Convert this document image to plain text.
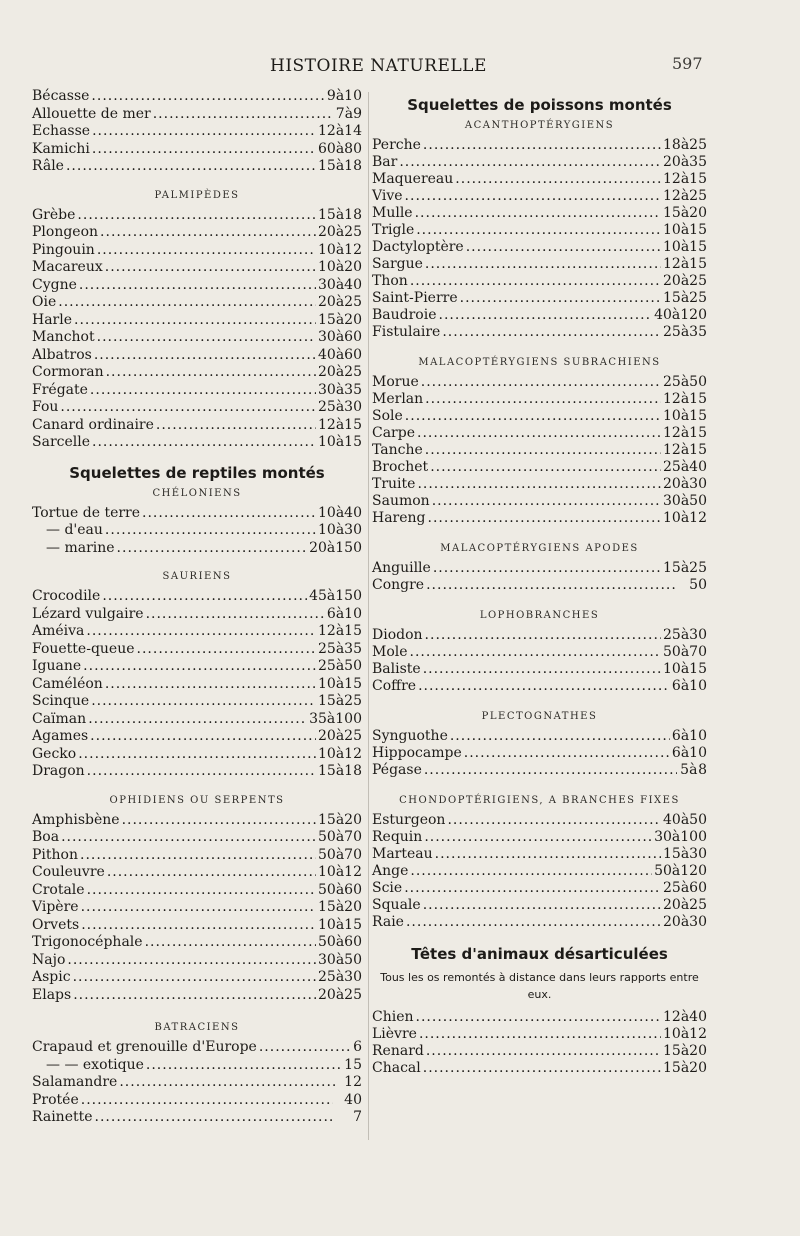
HISTOIRE NATURELLE	597
Bécasse .....	9 à 10
Allouette de mer .....	7 à 9
Echasse .....	12 à 14
Kamichi .....	60 à 80
Râle .....	15 à 18
PALMIPÈDES
Grèbe .....	15 à 18
Plongeon .....	20 à 25
Pingouin .....	10 à 12
Macareux .....	10 à 20
Cygne .....	30 à 40
Oie .....	20 à 25
Harle .....	15 à 20
Manchot .....	30 à 60
Albatros .....	40 à 60
Cormoran .....	20 à 25
Frégate .....	30 à 35
Fou .....	25 à 30
Canard ordinaire .....	12 à 15
Sarcelle .....	10 à 15
Squelettes de reptiles montés
CHÉLONIENS
Tortue de terre .....	10 à 40
— d'eau .....	10 à 30
— marine .....	20 à 150
SAURIENS
Crocodile .....	45 à 150
Lézard vulgaire .....	6 à 10
Améiva .....	12 à 15
Fouette-queue .....	25 à 35
Iguane .....	25 à 50
Caméléon .....	10 à 15
Scinque .....	15 à 25
Caïman .....	35 à 100
Agames .....	20 à 25
Gecko .....	10 à 12
Dragon .....	15 à 18
OPHIDIENS OU SERPENTS
Amphisbène .....	15 à 20
Boa .....	50 à 70
Pithon .....	50 à 70
Couleuvre .....	10 à 12
Crotale .....	50 à 60
Vipère .....	15 à 20
Orvets .....	10 à 15
Trigonocéphale .....	50 à 60
Najo .....	30 à 50
Aspic .....	25 à 30
Elaps .....	20 à 25
BATRACIENS
Crapaud et grenouille d'Europe .....	6
— — exotique .....	15
Salamandre .....	12
Protée .....	40
Rainette .....	7
Squelettes de poissons montés
ACANTHOPTÉRYGIENS
Perche .....	18 à 25
Bar .....	20 à 35
Maquereau .....	12 à 15
Vive .....	12 à 25
Mulle .....	15 à 20
Trigle .....	10 à 15
Dactyloptère .....	10 à 15
Sargue .....	12 à 15
Thon .....	20 à 25
Saint-Pierre .....	15 à 25
Baudroie .....	40 à 120
Fistulaire .....	25 à 35
MALACOPTÉRYGIENS SUBRACHIENS
Morue .....	25 à 50
Merlan .....	12 à 15
Sole .....	10 à 15
Carpe .....	12 à 15
Tanche .....	12 à 15
Brochet .....	25 à 40
Truite .....	20 à 30
Saumon .....	30 à 50
Hareng .....	10 à 12
MALACOPTÉRYGIENS APODES
Anguille .....	15 à 25
Congre .....	50
LOPHOBRANCHES
Diodon .....	25 à 30
Mole .....	50 à 70
Baliste .....	10 à 15
Coffre .....	6 à 10
PLECTOGNATHES
Synguothe .....	6 à 10
Hippocampe .....	6 à 10
Pégase .....	5 à 8
CHONDOPTÉRIGIENS, A BRANCHES FIXES
Esturgeon .....	40 à 50
Requin .....	30 à 100
Marteau .....	15 à 30
Ange .....	50 à 120
Scie .....	25 à 60
Squale .....	20 à 25
Raie .....	20 à 30
Têtes d'animaux désarticulées
Tous les os remontés à distance dans leurs rapports entre eux.
Chien .....	12 à 40
Lièvre .....	10 à 12
Renard .....	15 à 20
Chacal .....	15 à 20
